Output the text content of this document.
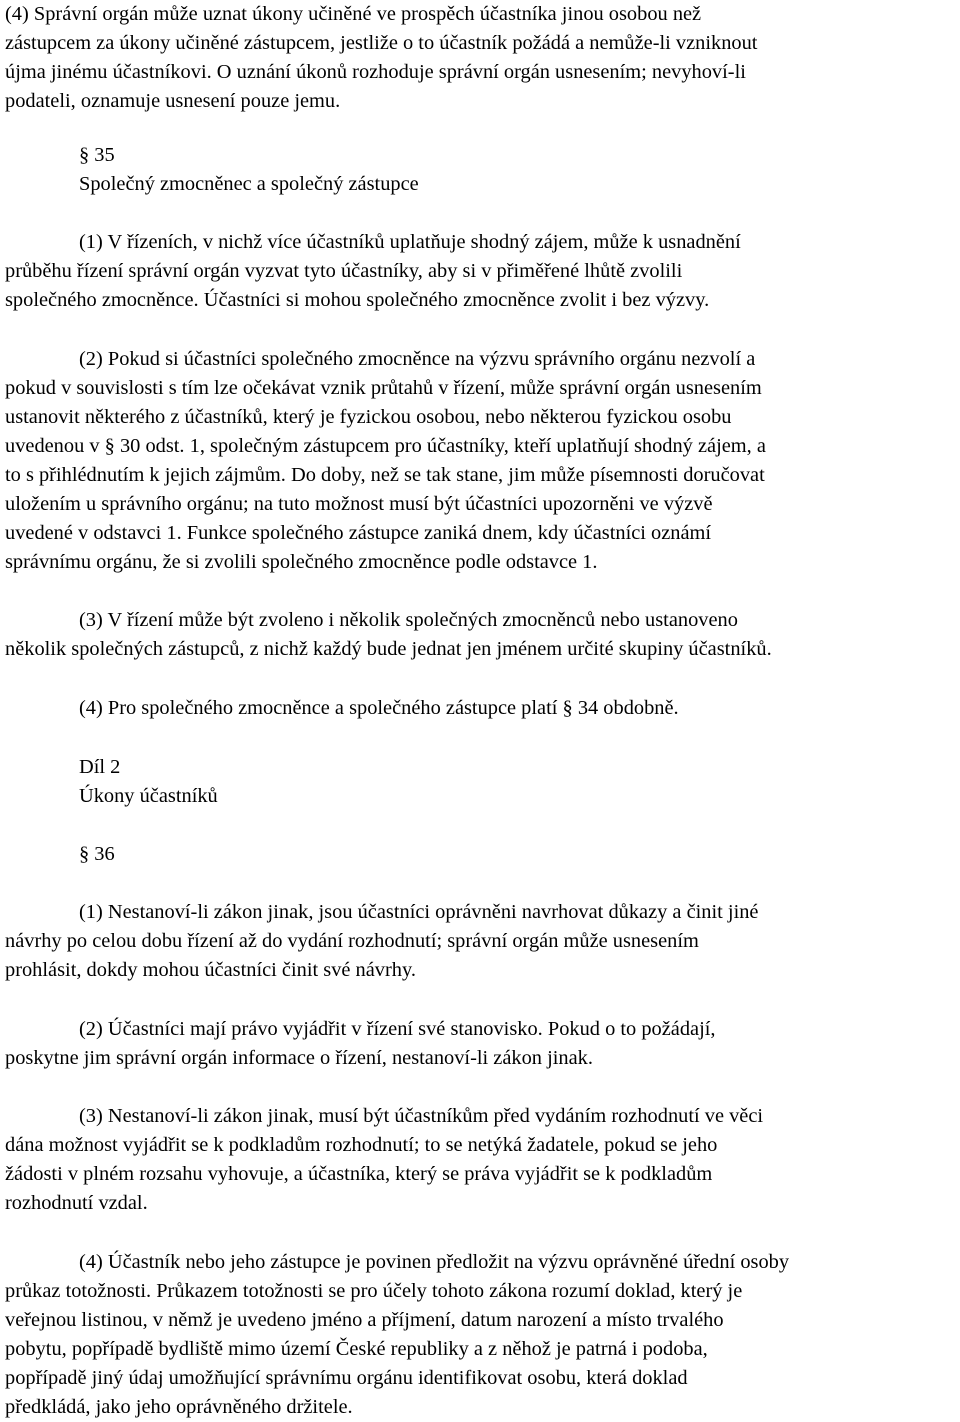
(4) Správní orgán může uznat úkony učiněné ve prospěch účastníka jinou osobou než
zástupcem za úkony učiněné zástupcem, jestliže o to účastník požádá a nemůže-li vzniknout
újma jinému účastníkovi. O uznání úkonů rozhoduje správní orgán usnesením; nevyhoví-li
podateli, oznamuje usnesení pouze jemu.
§ 35
Společný zmocněnec a společný zástupce
(1) V řízeních, v nichž více účastníků uplatňuje shodný zájem, může k usnadnění
průběhu řízení správní orgán vyzvat tyto účastníky, aby si v přiměřené lhůtě zvolili
společného zmocněnce. Účastníci si mohou společného zmocněnce zvolit i bez výzvy.
(2) Pokud si účastníci společného zmocněnce na výzvu správního orgánu nezvolí a
pokud v souvislosti s tím lze očekávat vznik průtahů v řízení, může správní orgán usnesením
ustanovit některého z účastníků, který je fyzickou osobou, nebo některou fyzickou osobu
uvedenou v § 30 odst. 1, společným zástupcem pro účastníky, kteří uplatňují shodný zájem, a
to s přihlédnutím k jejich zájmům. Do doby, než se tak stane, jim může písemnosti doručovat
uložením u správního orgánu; na tuto možnost musí být účastníci upozorněni ve výzvě
uvedené v odstavci 1. Funkce společného zástupce zaniká dnem, kdy účastníci oznámí
správnímu orgánu, že si zvolili společného zmocněnce podle odstavce 1.
(3) V řízení může být zvoleno i několik společných zmocněnců nebo ustanoveno
několik společných zástupců, z nichž každý bude jednat jen jménem určité skupiny účastníků.
(4) Pro společného zmocněnce a společného zástupce platí § 34 obdobně.
Díl 2
Úkony účastníků
§ 36
(1) Nestanoví-li zákon jinak, jsou účastníci oprávněni navrhovat důkazy a činit jiné
návrhy po celou dobu řízení až do vydání rozhodnutí; správní orgán může usnesením
prohlásit, dokdy mohou účastníci činit své návrhy.
(2) Účastníci mají právo vyjádřit v řízení své stanovisko. Pokud o to požádají,
poskytne jim správní orgán informace o řízení, nestanoví-li zákon jinak.
(3) Nestanoví-li zákon jinak, musí být účastníkům před vydáním rozhodnutí ve věci
dána možnost vyjádřit se k podkladům rozhodnutí; to se netýká žadatele, pokud se jeho
žádosti v plném rozsahu vyhovuje, a účastníka, který se práva vyjádřit se k podkladům
rozhodnutí vzdal.
(4) Účastník nebo jeho zástupce je povinen předložit na výzvu oprávněné úřední osoby
průkaz totožnosti. Průkazem totožnosti se pro účely tohoto zákona rozumí doklad, který je
veřejnou listinou, v němž je uvedeno jméno a příjmení, datum narození a místo trvalého
pobytu, popřípadě bydliště mimo území České republiky a z něhož je patrná i podoba,
popřípadě jiný údaj umožňující správnímu orgánu identifikovat osobu, která doklad
předkládá, jako jeho oprávněného držitele.
